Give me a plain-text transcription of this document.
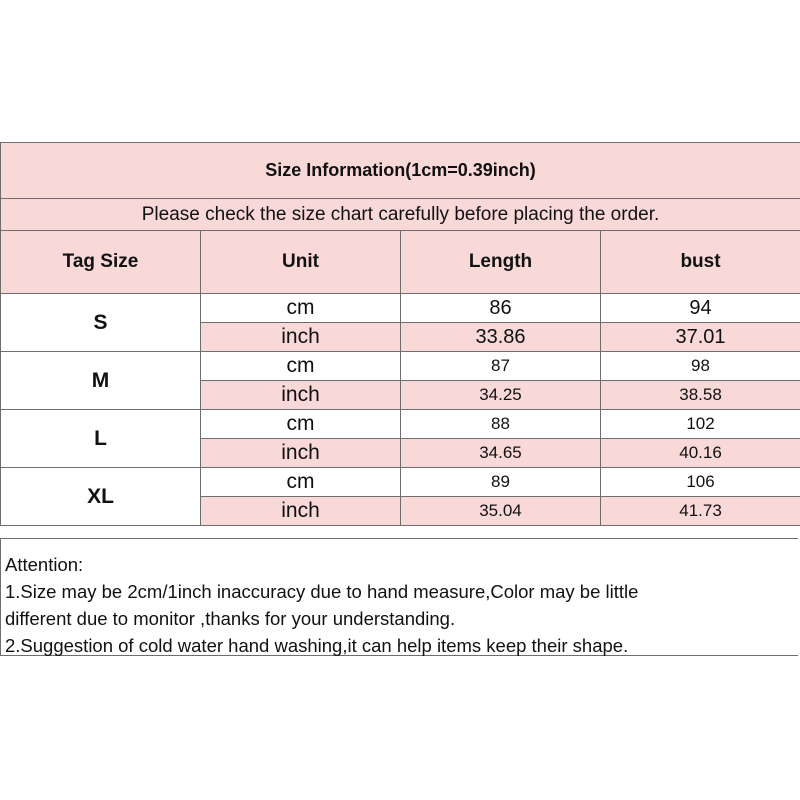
Size Information(1cm=0.39inch)			
Please check the size chart carefully before placing the order.			
Tag Size	Unit	Length	bust
S	cm	86	94
	inch	33.86	37.01
M	cm	87	98
	inch	34.25	38.58
L	cm	88	102
	inch	34.65	40.16
XL	cm	89	106
	inch	35.04	41.73
Attention:
1.Size may be 2cm/1inch inaccuracy due to hand measure,Color may be little
different due to monitor ,thanks for your understanding.
2.Suggestion of cold water hand washing,it can help items keep their shape.
